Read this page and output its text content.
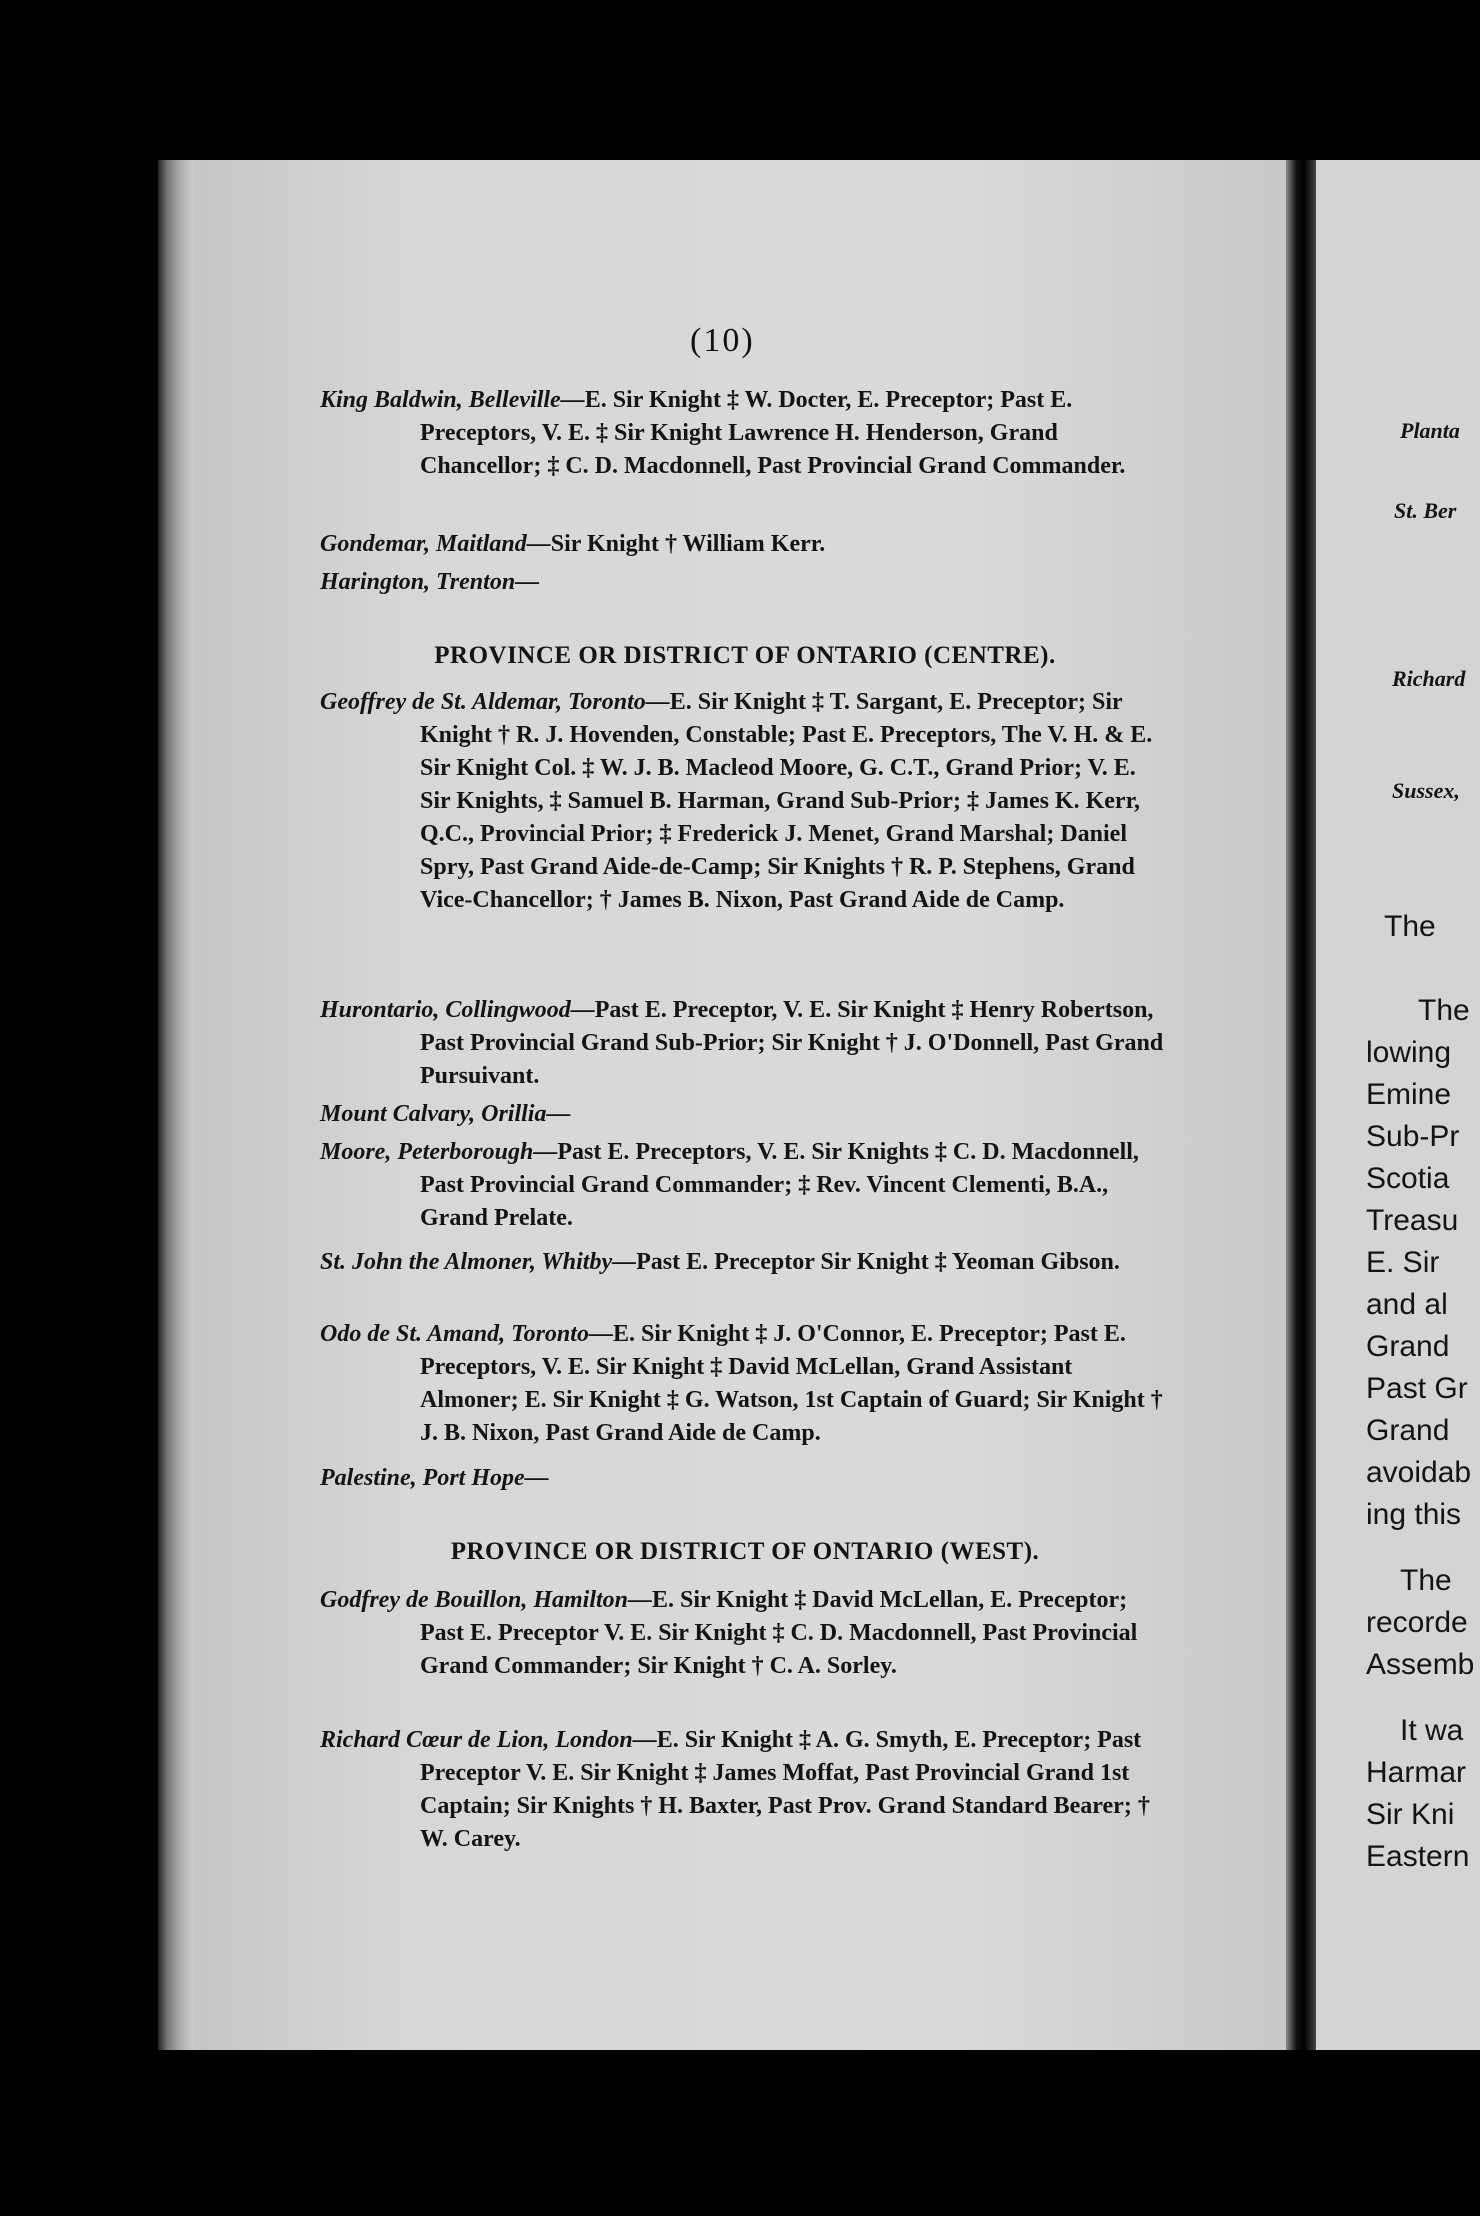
(10)
King Baldwin, Belleville—E. Sir Knight ‡ W. Docter, E. Preceptor; Past E. Preceptors, V. E. ‡ Sir Knight Lawrence H. Henderson, Grand Chancellor; ‡ C. D. Macdonnell, Past Provincial Grand Commander.
Gondemar, Maitland—Sir Knight † William Kerr.
Harington, Trenton—
PROVINCE OR DISTRICT OF ONTARIO (CENTRE).
Geoffrey de St. Aldemar, Toronto—E. Sir Knight ‡ T. Sargant, E. Preceptor; Sir Knight † R. J. Hovenden, Constable; Past E. Preceptors, The V. H. & E. Sir Knight Col. ‡ W. J. B. Macleod Moore, G. C.T., Grand Prior; V. E. Sir Knights, ‡ Samuel B. Harman, Grand Sub-Prior; ‡ James K. Kerr, Q.C., Provincial Prior; ‡ Frederick J. Menet, Grand Marshal; Daniel Spry, Past Grand Aide-de-Camp; Sir Knights † R. P. Stephens, Grand Vice-Chancellor; † James B. Nixon, Past Grand Aide de Camp.
Hurontario, Collingwood—Past E. Preceptor, V. E. Sir Knight ‡ Henry Robertson, Past Provincial Grand Sub-Prior; Sir Knight † J. O'Donnell, Past Grand Pursuivant.
Mount Calvary, Orillia—
Moore, Peterborough—Past E. Preceptors, V. E. Sir Knights ‡ C. D. Macdonnell, Past Provincial Grand Commander; ‡ Rev. Vincent Clementi, B.A., Grand Prelate.
St. John the Almoner, Whitby—Past E. Preceptor Sir Knight ‡ Yeoman Gibson.
Odo de St. Amand, Toronto—E. Sir Knight ‡ J. O'Connor, E. Preceptor; Past E. Preceptors, V. E. Sir Knight ‡ David McLellan, Grand Assistant Almoner; E. Sir Knight ‡ G. Watson, 1st Captain of Guard; Sir Knight † J. B. Nixon, Past Grand Aide de Camp.
Palestine, Port Hope—
PROVINCE OR DISTRICT OF ONTARIO (WEST).
Godfrey de Bouillon, Hamilton—E. Sir Knight ‡ David McLellan, E. Preceptor; Past E. Preceptor V. E. Sir Knight ‡ C. D. Macdonnell, Past Provincial Grand Commander; Sir Knight † C. A. Sorley.
Richard Cœur de Lion, London—E. Sir Knight ‡ A. G. Smyth, E. Preceptor; Past Preceptor V. E. Sir Knight ‡ James Moffat, Past Provincial Grand 1st Captain; Sir Knights † H. Baxter, Past Prov. Grand Standard Bearer; † W. Carey.
Planta
St. Ber
Richard
Sussex,
The
The
lowing
Emine
Sub-Pr
Scotia
Treasu
E. Sir
and al
Grand
Past Gr
Grand
avoidab
ing this
The
recorde
Assemb
It wa
Harmar
Sir Kni
Eastern
